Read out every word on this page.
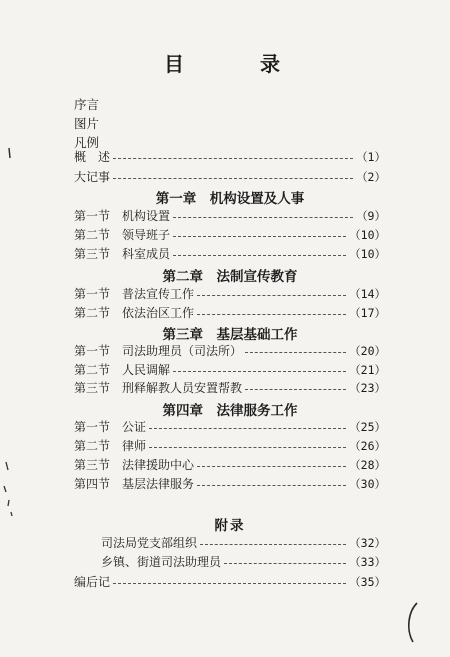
目　录
序言
图片
凡例
概　述	（1）
大记事	（2）
第一章　机构设置及人事
第一节 机构设置	（9）
第二节 领导班子	（10）
第三节 科室成员	（10）
第二章　法制宣传教育
第一节 普法宣传工作	（14）
第二节 依法治区工作	（17）
第三章　基层基础工作
第一节 司法助理员（司法所）	（20）
第二节 人民调解	（21）
第三节 刑释解教人员安置帮教	（23）
第四章　法律服务工作
第一节 公证	（25）
第二节 律师	（26）
第三节 法律援助中心	（28）
第四节 基层法律服务	（30）
附录
司法局党支部组织	（32）
乡镇、街道司法助理员	（33）
编后记	（35）
